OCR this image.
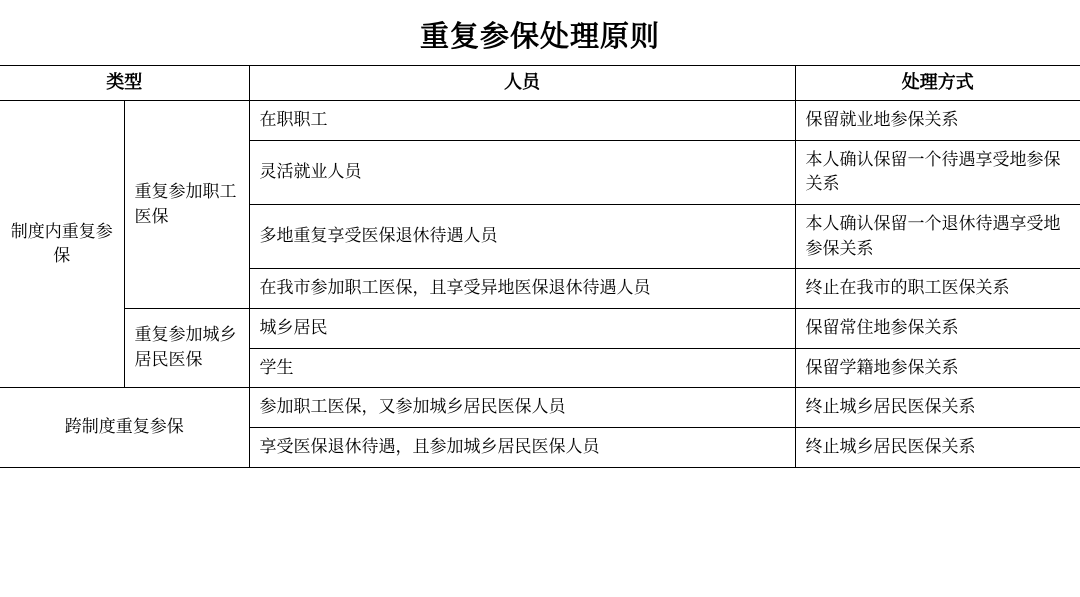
重复参保处理原则
类型		人员	处理方式
制度内重复参保	重复参加职工医保	在职职工	保留就业地参保关系
		灵活就业人员	本人确认保留一个待遇享受地参保关系
		多地重复享受医保退休待遇人员	本人确认保留一个退休待遇享受地参保关系
		在我市参加职工医保，且享受异地医保退休待遇人员	终止在我市的职工医保关系
	重复参加城乡居民医保	城乡居民	保留常住地参保关系
		学生	保留学籍地参保关系
跨制度重复参保		参加职工医保，又参加城乡居民医保人员	终止城乡居民医保关系
		享受医保退休待遇，且参加城乡居民医保人员	终止城乡居民医保关系
